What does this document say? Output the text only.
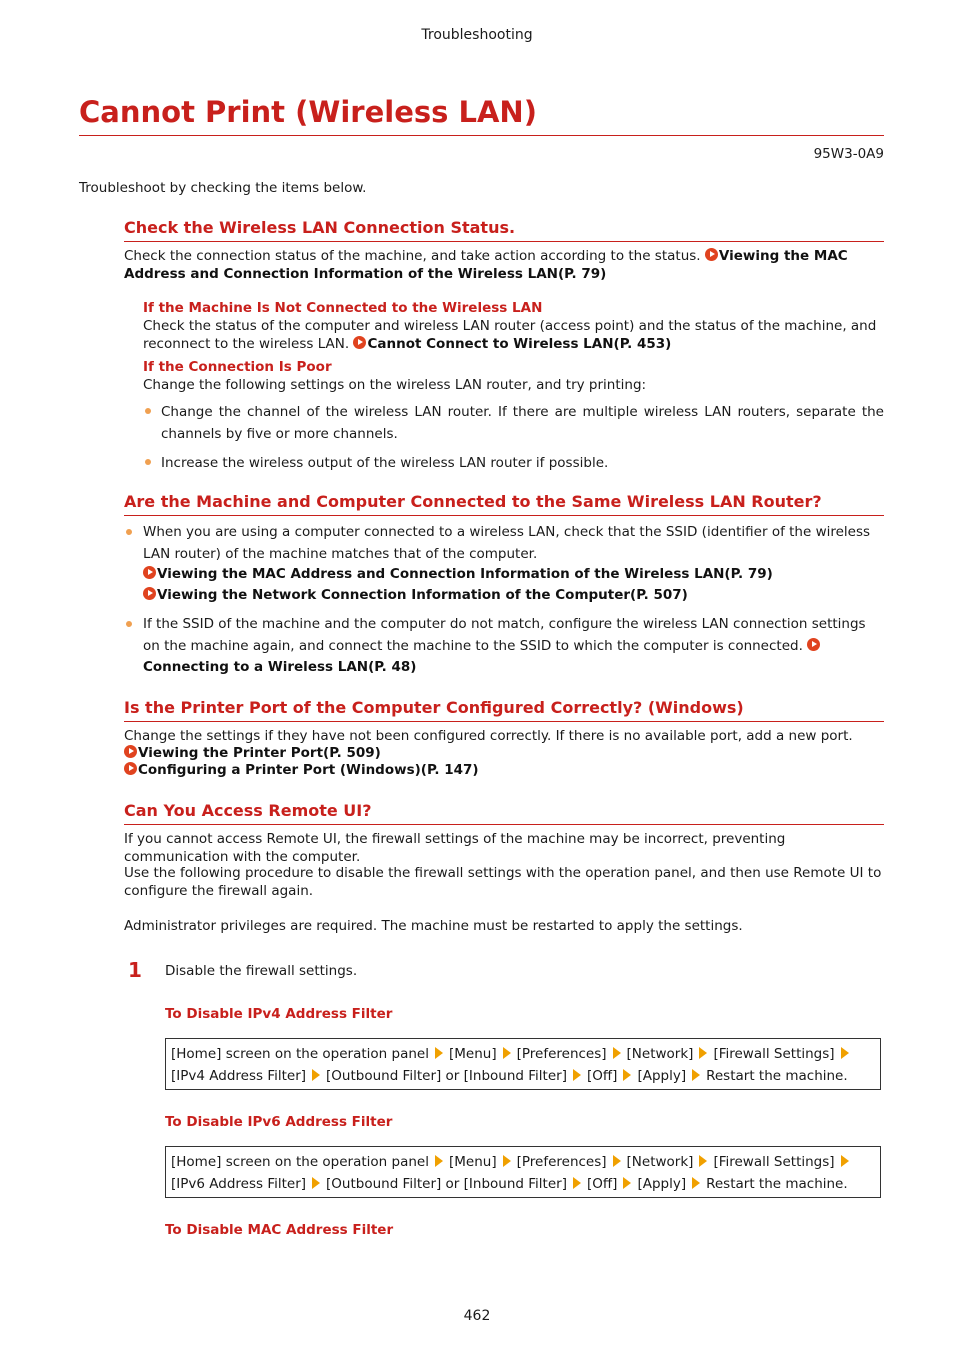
Troubleshooting
Cannot Print (Wireless LAN)
95W3-0A9
Troubleshoot by checking the items below.
Check the Wireless LAN Connection Status.
Check the connection status of the machine, and take action according to the status. Viewing the MAC Address and Connection Information of the Wireless LAN(P. 79)
If the Machine Is Not Connected to the Wireless LAN
Check the status of the computer and wireless LAN router (access point) and the status of the machine, and reconnect to the wireless LAN. Cannot Connect to Wireless LAN(P. 453)
If the Connection Is Poor
Change the following settings on the wireless LAN router, and try printing:
Change the channel of the wireless LAN router. If there are multiple wireless LAN routers, separate the channels by five or more channels.
Increase the wireless output of the wireless LAN router if possible.
Are the Machine and Computer Connected to the Same Wireless LAN Router?
When you are using a computer connected to a wireless LAN, check that the SSID (identifier of the wireless LAN router) of the machine matches that of the computer.
Viewing the MAC Address and Connection Information of the Wireless LAN(P. 79)
Viewing the Network Connection Information of the Computer(P. 507)
If the SSID of the machine and the computer do not match, configure the wireless LAN connection settings on the machine again, and connect the machine to the SSID to which the computer is connected.
Connecting to a Wireless LAN(P. 48)
Is the Printer Port of the Computer Configured Correctly? (Windows)
Change the settings if they have not been configured correctly. If there is no available port, add a new port.
Viewing the Printer Port(P. 509)
Configuring a Printer Port (Windows)(P. 147)
Can You Access Remote UI?
If you cannot access Remote UI, the firewall settings of the machine may be incorrect, preventing communication with the computer.
Use the following procedure to disable the firewall settings with the operation panel, and then use Remote UI to configure the firewall again.
Administrator privileges are required. The machine must be restarted to apply the settings.
1 Disable the firewall settings.
To Disable IPv4 Address Filter
[Home] screen on the operation panel [Menu] [Preferences] [Network] [Firewall Settings]
[IPv4 Address Filter] [Outbound Filter] or [Inbound Filter] [Off] [Apply] Restart the machine.
To Disable IPv6 Address Filter
[Home] screen on the operation panel [Menu] [Preferences] [Network] [Firewall Settings]
[IPv6 Address Filter] [Outbound Filter] or [Inbound Filter] [Off] [Apply] Restart the machine.
To Disable MAC Address Filter
462
